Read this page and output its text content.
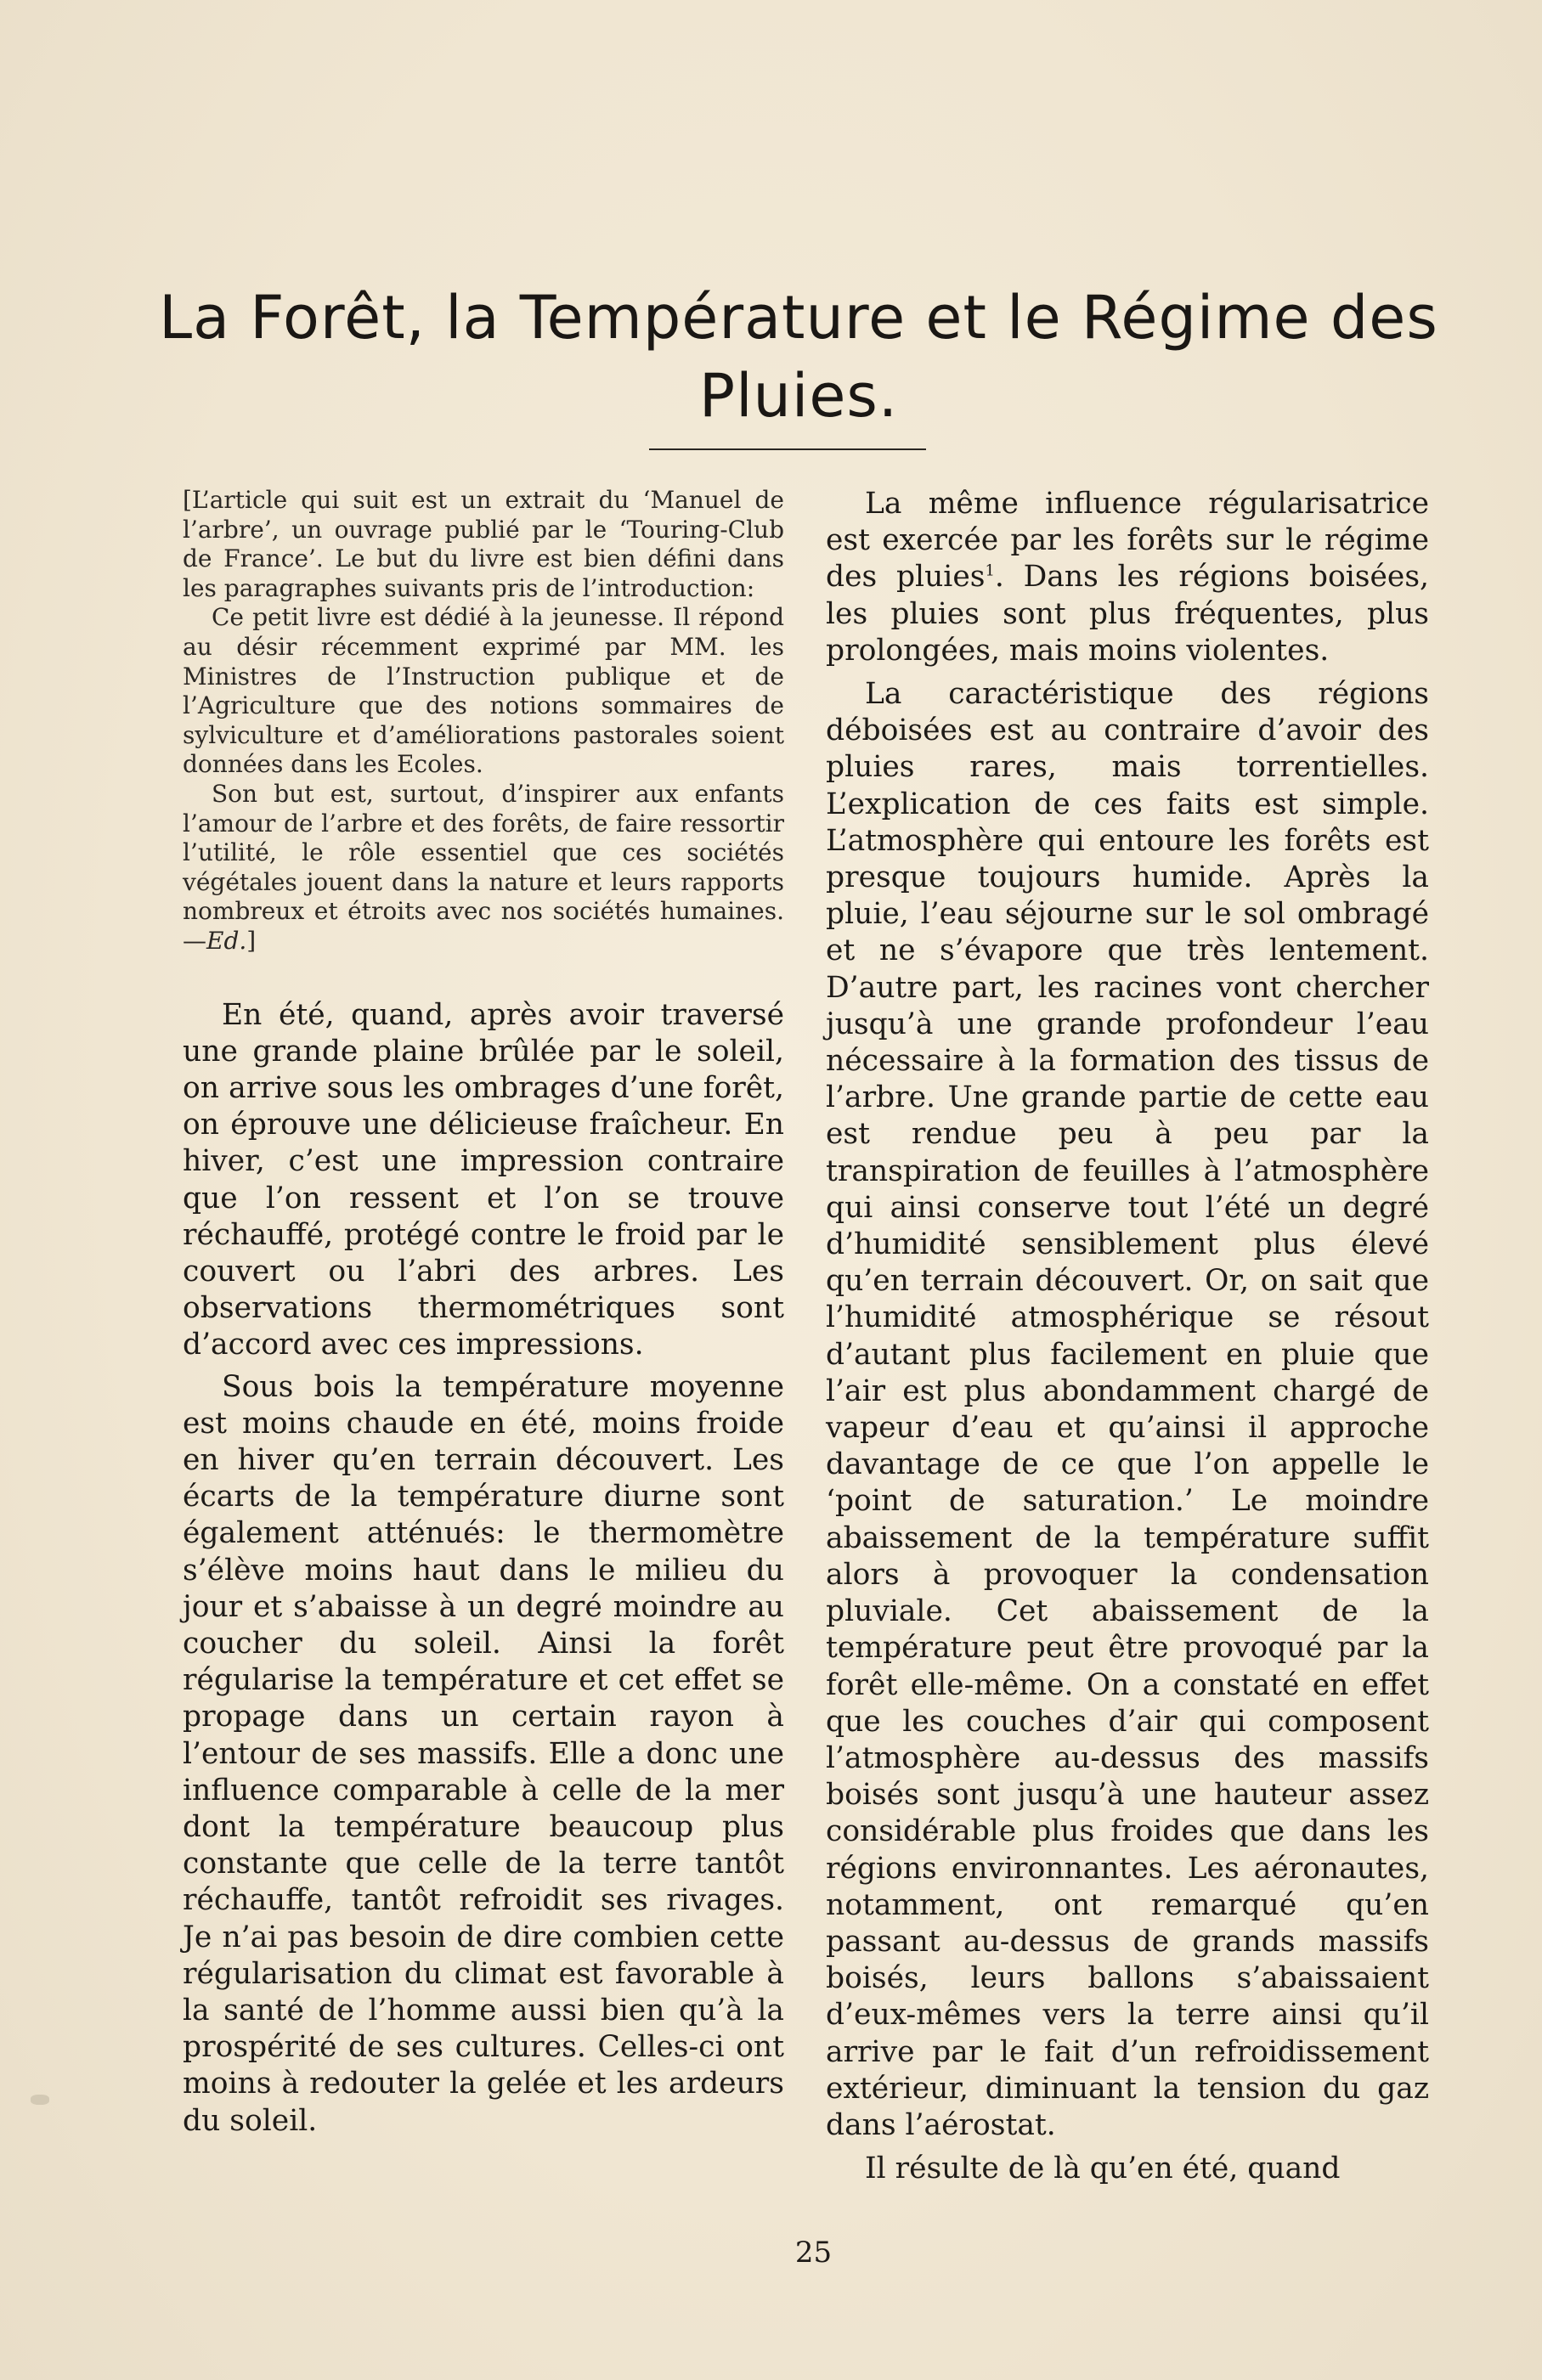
La Forêt, la Température et le Régime des Pluies.

[L’article qui suit est un extrait du ‘Manuel de l’arbre’, un ouvrage publié par le ‘Touring-Club de France’. Le but du livre est bien défini dans les paragraphes suivants pris de l’introduction:

Ce petit livre est dédié à la jeunesse. Il répond au désir récemment exprimé par MM. les Ministres de l’Instruction publique et de l’Agriculture que des notions sommaires de sylviculture et d’améliorations pastorales soient données dans les Ecoles.

Son but est, surtout, d’inspirer aux enfants l’amour de l’arbre et des forêts, de faire ressortir l’utilité, le rôle essentiel que ces sociétés végétales jouent dans la nature et leurs rapports nombreux et étroits avec nos sociétés humaines.—Ed.]

En été, quand, après avoir traversé une grande plaine brûlée par le soleil, on arrive sous les ombrages d’une forêt, on éprouve une délicieuse fraîcheur. En hiver, c’est une impression contraire que l’on ressent et l’on se trouve réchauffé, protégé contre le froid par le couvert ou l’abri des arbres. Les observations thermométriques sont d’accord avec ces impressions.

Sous bois la température moyenne est moins chaude en été, moins froide en hiver qu’en terrain découvert. Les écarts de la température diurne sont également atténués: le thermomètre s’élève moins haut dans le milieu du jour et s’abaisse à un degré moindre au coucher du soleil. Ainsi la forêt régularise la température et cet effet se propage dans un certain rayon à l’entour de ses massifs. Elle a donc une influence comparable à celle de la mer dont la température beaucoup plus constante que celle de la terre tantôt réchauffe, tantôt refroidit ses rivages. Je n’ai pas besoin de dire combien cette régularisation du climat est favorable à la santé de l’homme aussi bien qu’à la prospérité de ses cultures. Celles-ci ont moins à redouter la gelée et les ardeurs du soleil.

La même influence régularisatrice est exercée par les forêts sur le régime des pluies$^1$. Dans les régions boisées, les pluies sont plus fréquentes, plus prolongées, mais moins violentes.

La caractéristique des régions déboisées est au contraire d’avoir des pluies rares, mais torrentielles. L’explication de ces faits est simple. L’atmosphère qui entoure les forêts est presque toujours humide. Après la pluie, l’eau séjourne sur le sol ombragé et ne s’évapore que très lentement. D’autre part, les racines vont chercher jusqu’à une grande profondeur l’eau nécessaire à la formation des tissus de l’arbre. Une grande partie de cette eau est rendue peu à peu par la transpiration de feuilles à l’atmosphère qui ainsi conserve tout l’été un degré d’humidité sensiblement plus élevé qu’en terrain découvert. Or, on sait que l’humidité atmosphérique se résout d’autant plus facilement en pluie que l’air est plus abondamment chargé de vapeur d’eau et qu’ainsi il approche davantage de ce que l’on appelle le ‘point de saturation.’ Le moindre abaissement de la température suffit alors à provoquer la condensation pluviale. Cet abaissement de la température peut être provoqué par la forêt elle-même. On a constaté en effet que les couches d’air qui composent l’atmosphère au-dessus des massifs boisés sont jusqu’à une hauteur assez considérable plus froides que dans les régions environnantes. Les aéronautes, notamment, ont remarqué qu’en passant au-dessus de grands massifs boisés, leurs ballons s’abaissaient d’eux-mêmes vers la terre ainsi qu’il arrive par le fait d’un refroidissement extérieur, diminuant la tension du gaz dans l’aérostat.

Il résulte de là qu’en été, quand

25
